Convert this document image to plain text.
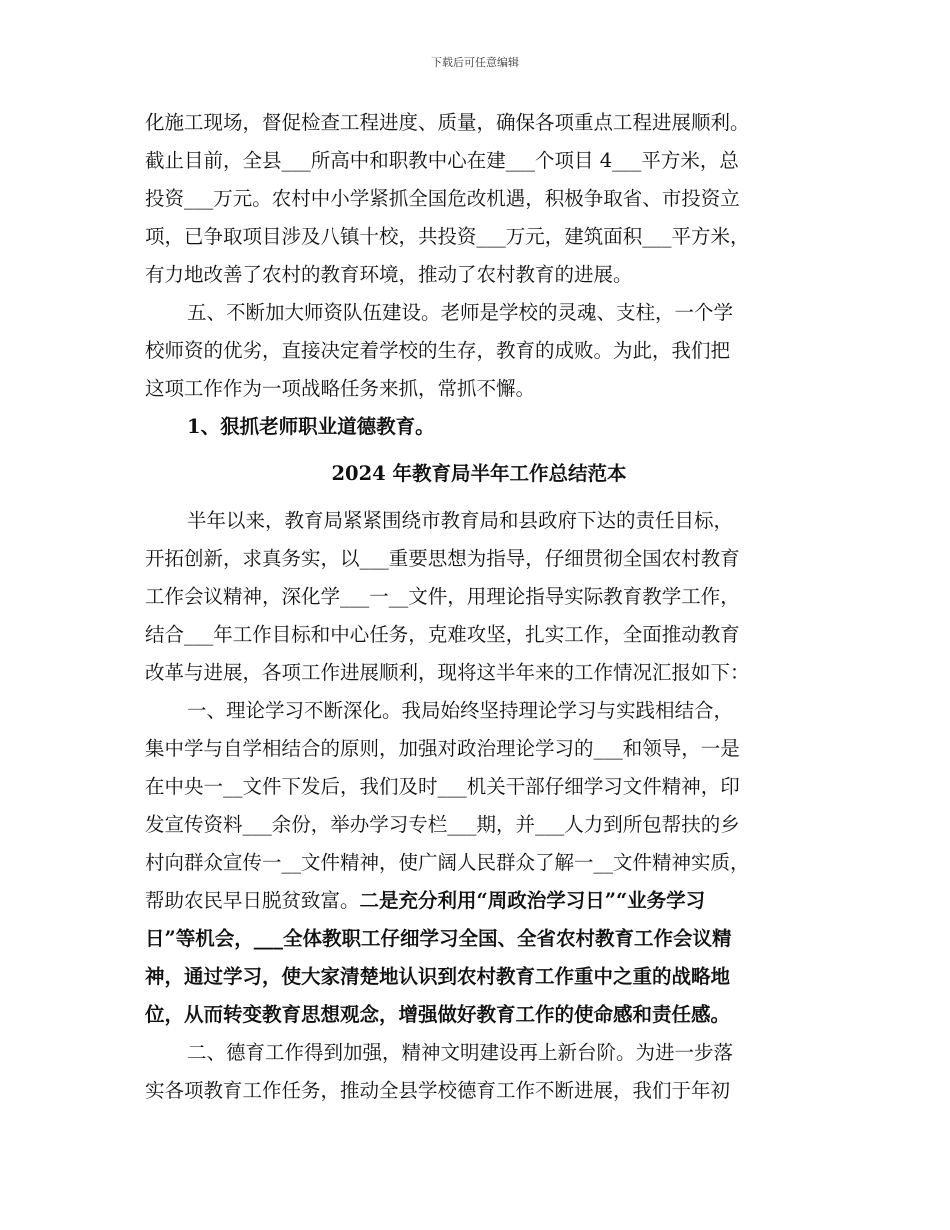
下载后可任意编辑
化施工现场，督促检查工程进度、质量，确保各项重点工程进展顺利。
截止目前，全县___所高中和职教中心在建___个项目 4___平方米，总
投资___万元。农村中小学紧抓全国危改机遇，积极争取省、市投资立
项，已争取项目涉及八镇十校，共投资___万元，建筑面积___平方米，
有力地改善了农村的教育环境，推动了农村教育的进展。
五、不断加大师资队伍建设。老师是学校的灵魂、支柱，一个学
校师资的优劣，直接决定着学校的生存，教育的成败。为此，我们把
这项工作作为一项战略任务来抓，常抓不懈。
1、狠抓老师职业道德教育。
2024 年教育局半年工作总结范本
半年以来，教育局紧紧围绕市教育局和县政府下达的责任目标，
开拓创新，求真务实，以___重要思想为指导，仔细贯彻全国农村教育
工作会议精神，深化学___一__文件，用理论指导实际教育教学工作，
结合___年工作目标和中心任务，克难攻坚，扎实工作，全面推动教育
改革与进展，各项工作进展顺利，现将这半年来的工作情况汇报如下：
一、理论学习不断深化。我局始终坚持理论学习与实践相结合，
集中学与自学相结合的原则，加强对政治理论学习的___和领导，一是
在中央一__文件下发后，我们及时___机关干部仔细学习文件精神，印
发宣传资料___余份，举办学习专栏___期，并___人力到所包帮扶的乡
村向群众宣传一__文件精神，使广阔人民群众了解一__文件精神实质，
帮助农民早日脱贫致富。二是充分利用“周政治学习日”“业务学习
日”等机会，___全体教职工仔细学习全国、全省农村教育工作会议精
神，通过学习，使大家清楚地认识到农村教育工作重中之重的战略地
位，从而转变教育思想观念，增强做好教育工作的使命感和责任感。
二、德育工作得到加强，精神文明建设再上新台阶。为进一步落
实各项教育工作任务，推动全县学校德育工作不断进展，我们于年初
